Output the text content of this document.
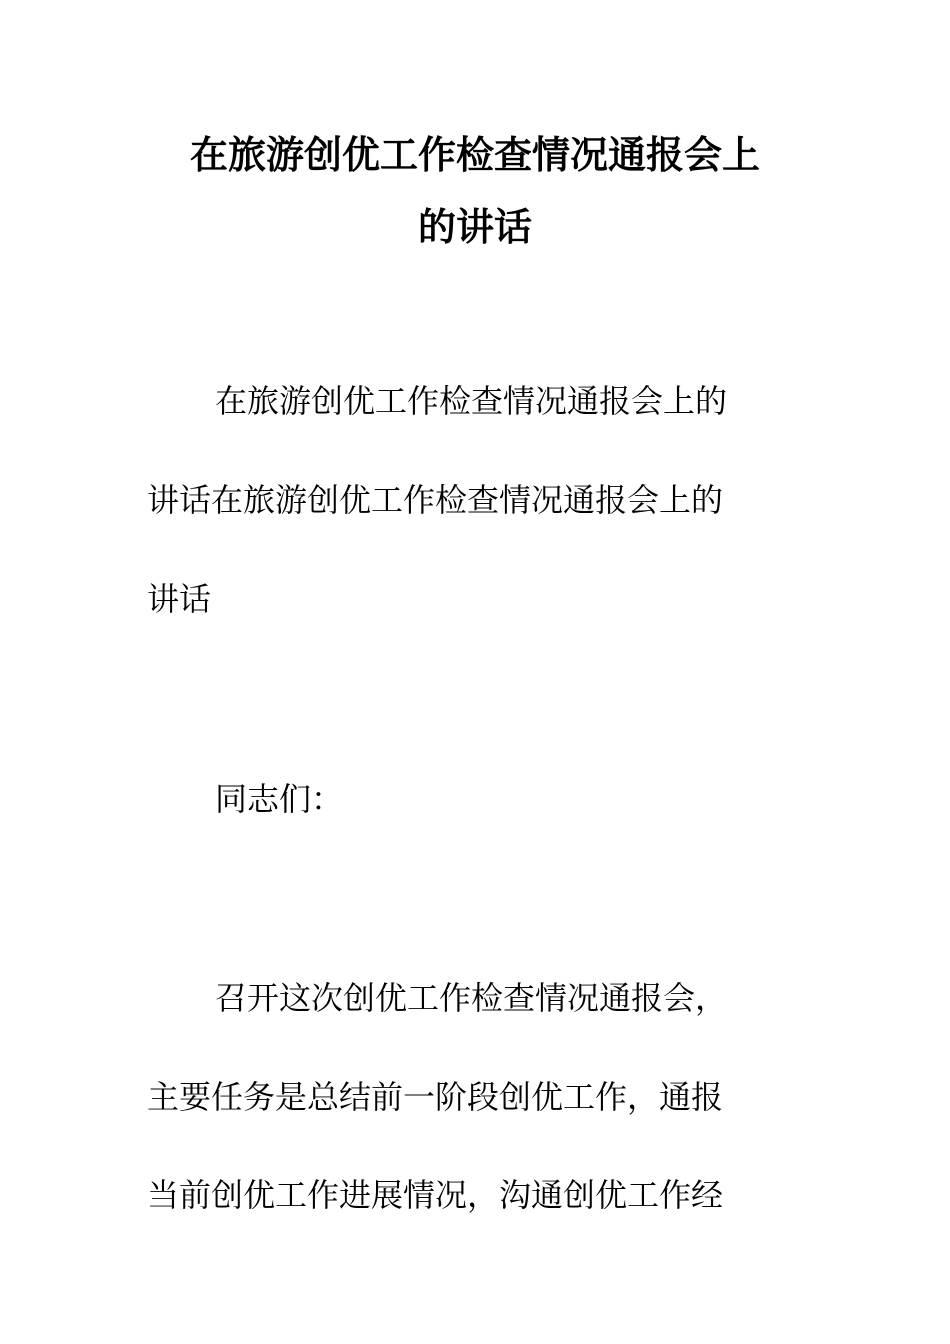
在旅游创优工作检查情况通报会上
的讲话

在旅游创优工作检查情况通报会上的

讲话在旅游创优工作检查情况通报会上的

讲话

同志们：

召开这次创优工作检查情况通报会，

主要任务是总结前一阶段创优工作，通报

当前创优工作进展情况，沟通创优工作经
